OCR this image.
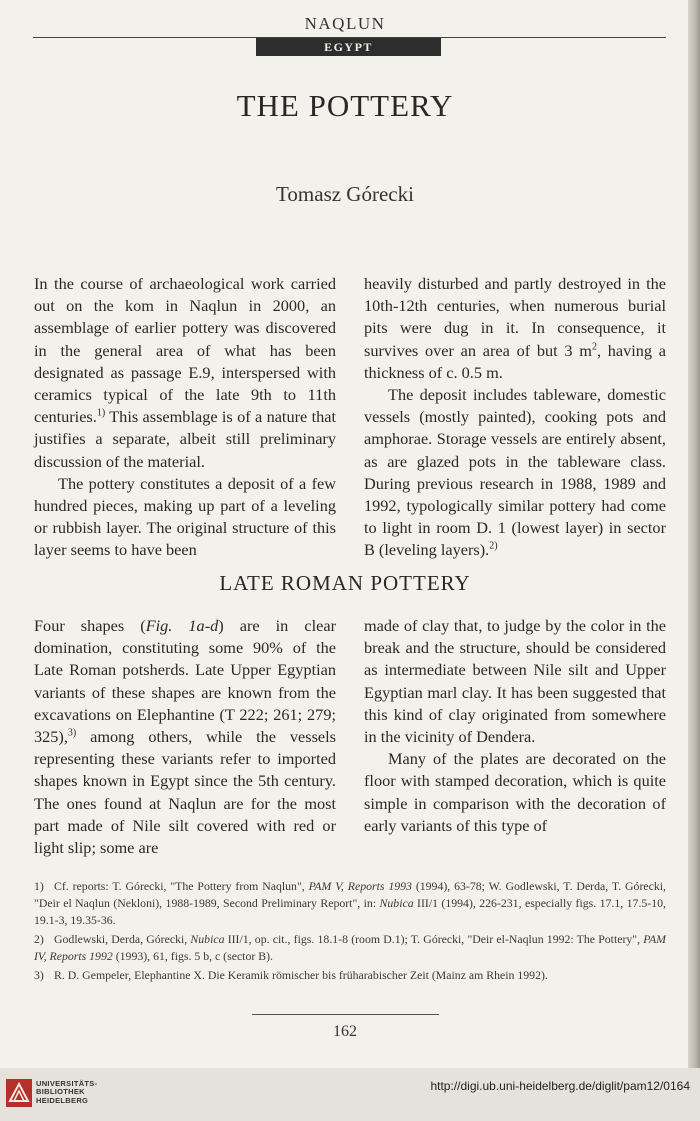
NAQLUN
EGYPT
THE POTTERY
Tomasz Górecki

In the course of archaeological work carried out on the kom in Naqlun in 2000, an assemblage of earlier pottery was discovered in the general area of what has been designated as passage E.9, interspersed with ceramics typical of the late 9th to 11th centuries.$^{1)}$ This assemblage is of a nature that justifies a separate, albeit still preliminary discussion of the material.

The pottery constitutes a deposit of a few hundred pieces, making up part of a leveling or rubbish layer. The original structure of this layer seems to have been

heavily disturbed and partly destroyed in the 10th-12th centuries, when numerous burial pits were dug in it. In consequence, it survives over an area of but 3 $m^2$, having a thickness of c. 0.5 m.

The deposit includes tableware, domestic vessels (mostly painted), cooking pots and amphorae. Storage vessels are entirely absent, as are glazed pots in the tableware class. During previous research in 1988, 1989 and 1992, typologically similar pottery had come to light in room D. 1 (lowest layer) in sector B (leveling layers).$^{2)}$

LATE ROMAN POTTERY

Four shapes (Fig. 1a-d) are in clear domination, constituting some 90% of the Late Roman potsherds. Late Upper Egyptian variants of these shapes are known from the excavations on Elephantine (T 222; 261; 279; 325),$^{3)}$ among others, while the vessels representing these variants refer to imported shapes known in Egypt since the 5th century. The ones found at Naqlun are for the most part made of Nile silt covered with red or light slip; some are

made of clay that, to judge by the color in the break and the structure, should be considered as intermediate between Nile silt and Upper Egyptian marl clay. It has been suggested that this kind of clay originated from somewhere in the vicinity of Dendera.

Many of the plates are decorated on the floor with stamped decoration, which is quite simple in comparison with the decoration of early variants of this type of

1) Cf. reports: T. Górecki, "The Pottery from Naqlun", PAM V, Reports 1993 (1994), 63-78; W. Godlewski, T. Derda, T. Górecki, "Deir el Naqlun (Nekloni), 1988-1989, Second Preliminary Report", in: Nubica III/1 (1994), 226-231, especially figs. 17.1, 17.5-10, 19.1-3, 19.35-36.

2) Godlewski, Derda, Górecki, Nubica III/1, op. cit., figs. 18.1-8 (room D.1); T. Górecki, "Deir el-Naqlun 1992: The Pottery", PAM IV, Reports 1992 (1993), 61, figs. 5 b, c (sector B).

3) R. D. Gempeler, Elephantine X. Die Keramik römischer bis früharabischer Zeit (Mainz am Rhein 1992).

162
UNIVERSITÄTS-
BIBLIOTHEK
HEIDELBERG
http://digi.ub.uni-heidelberg.de/diglit/pam12/0164
